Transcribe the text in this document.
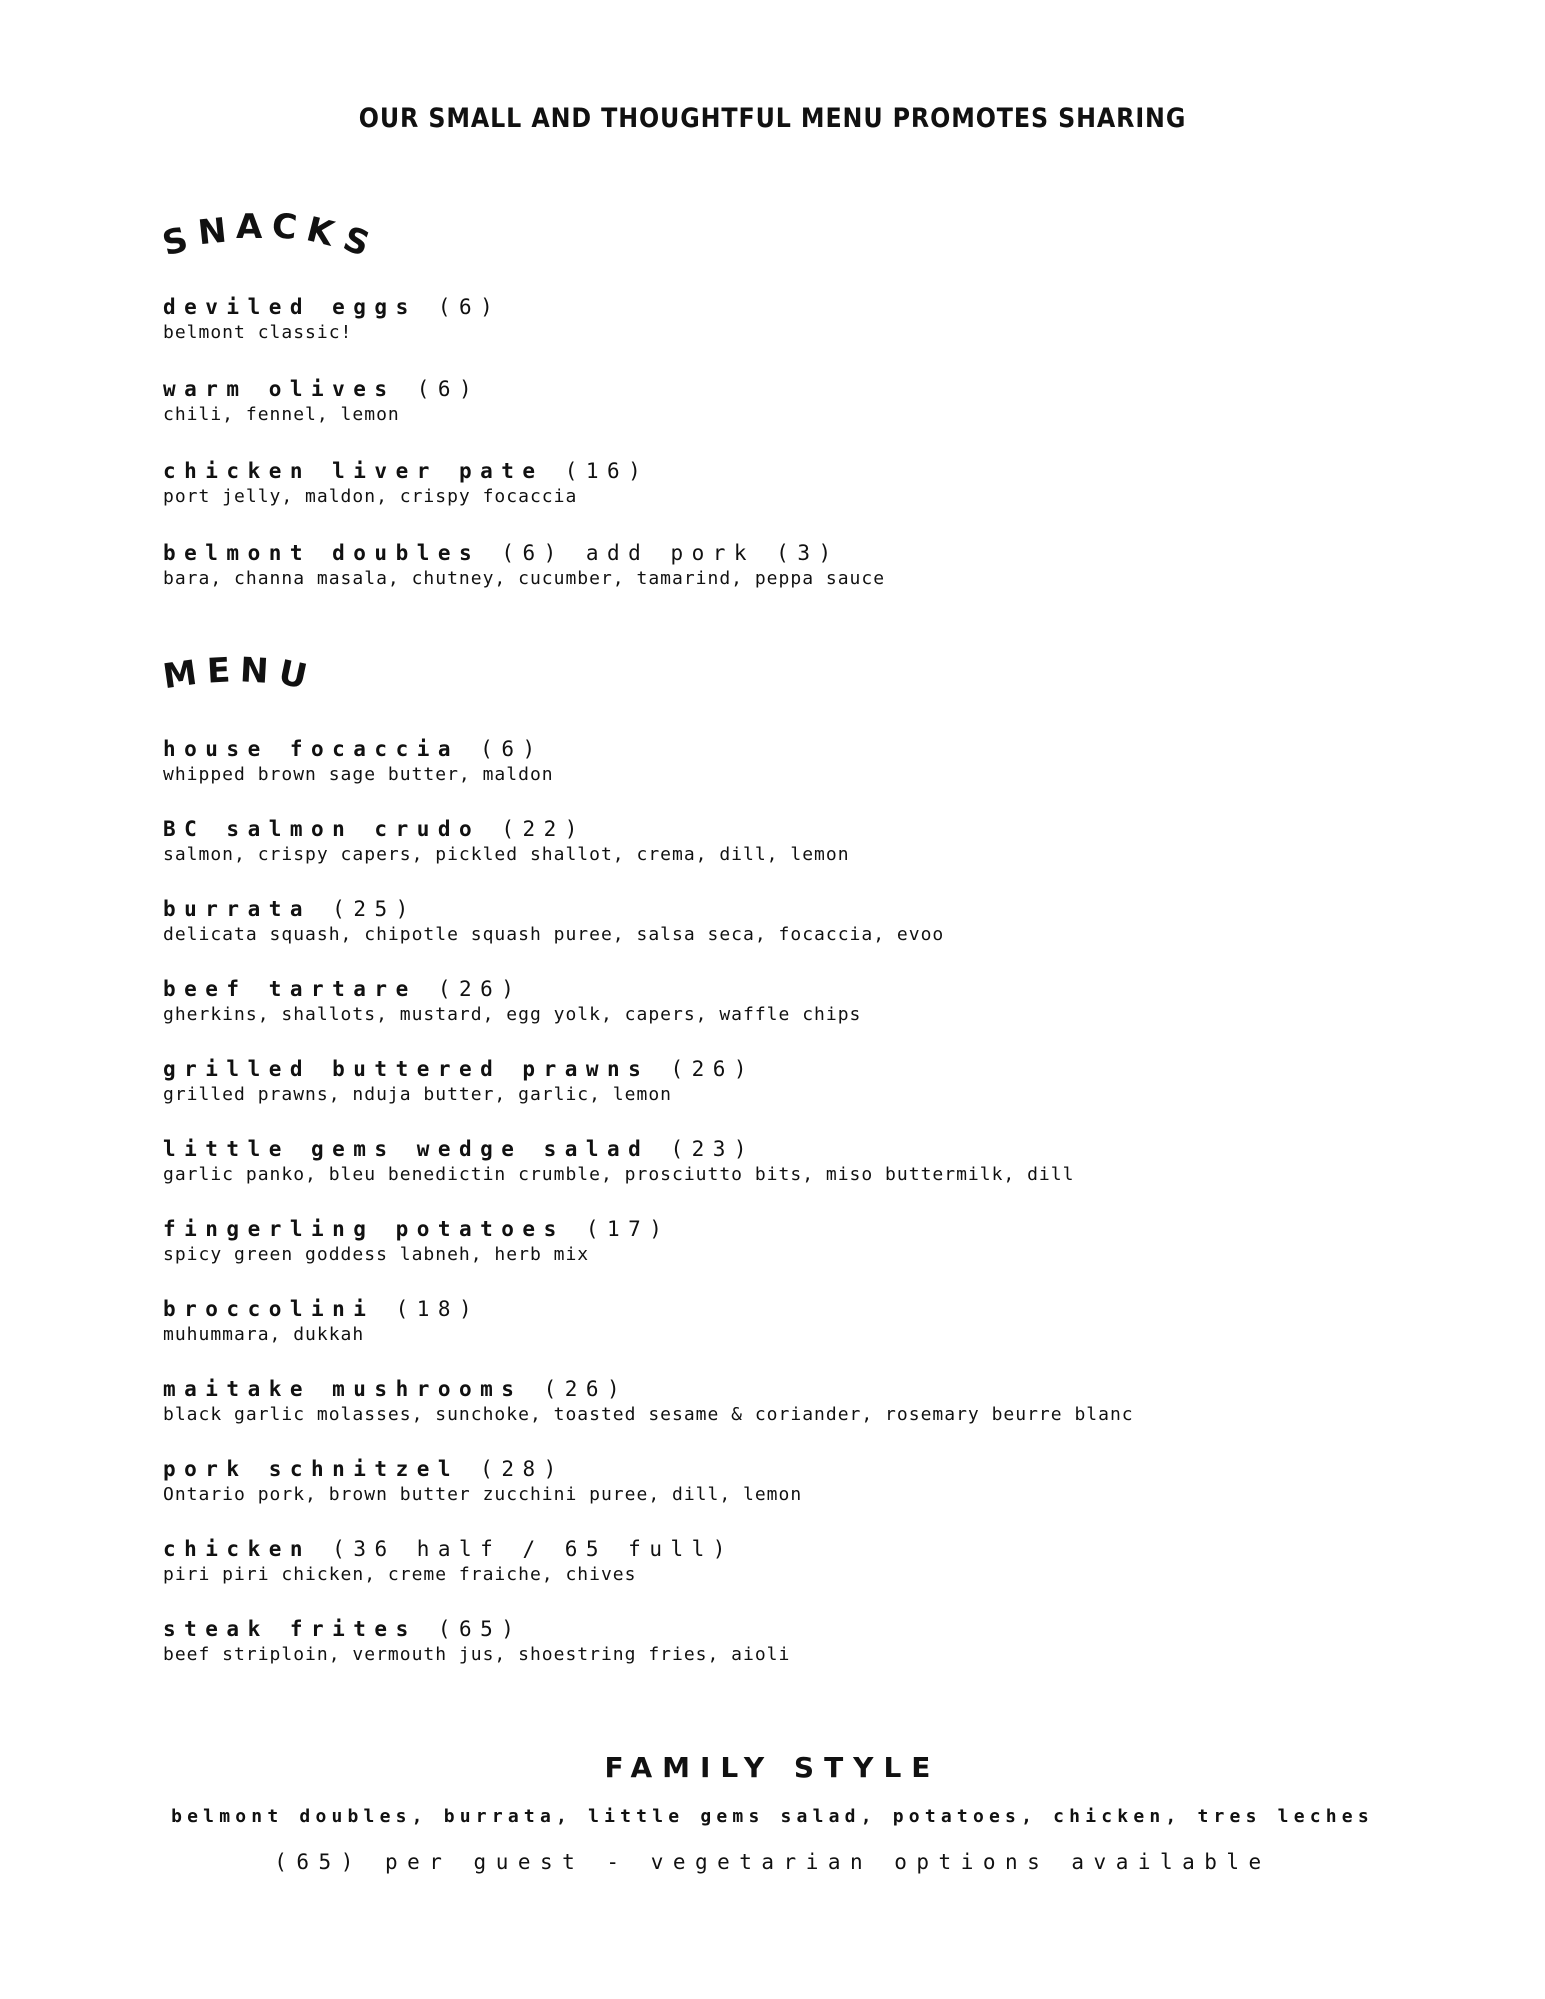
OUR SMALL AND THOUGHTFUL MENU PROMOTES SHARING
S N A C KS
deviled eggs (6)
belmont classic!
warm olives (6)
chili, fennel, lemon
chicken liver pate (16)
port jelly, maldon, crispy focaccia
belmont doubles (6) add pork (3)
bara, channa masala, chutney, cucumber, tamarind, peppa sauce
M E N U
house focaccia (6)
whipped brown sage butter, maldon
BC salmon crudo (22)
salmon, crispy capers, pickled shallot, crema, dill, lemon
burrata (25)
delicata squash, chipotle squash puree, salsa seca, focaccia, evoo
beef tartare (26)
gherkins, shallots, mustard, egg yolk, capers, waffle chips
grilled buttered prawns (26)
grilled prawns, nduja butter, garlic, lemon
little gems wedge salad (23)
garlic panko, bleu benedictin crumble, prosciutto bits, miso buttermilk, dill
fingerling potatoes (17)
spicy green goddess labneh, herb mix
broccolini (18)
muhummara, dukkah
maitake mushrooms (26)
black garlic molasses, sunchoke, toasted sesame & coriander, rosemary beurre blanc
pork schnitzel (28)
Ontario pork, brown butter zucchini puree, dill, lemon
chicken (36 half / 65 full)
piri piri chicken, creme fraiche, chives
steak frites (65)
beef striploin, vermouth jus, shoestring fries, aioli
FAMILY STYLE
belmont doubles, burrata, little gems salad, potatoes, chicken, tres leches
(65) per guest - vegetarian options available
